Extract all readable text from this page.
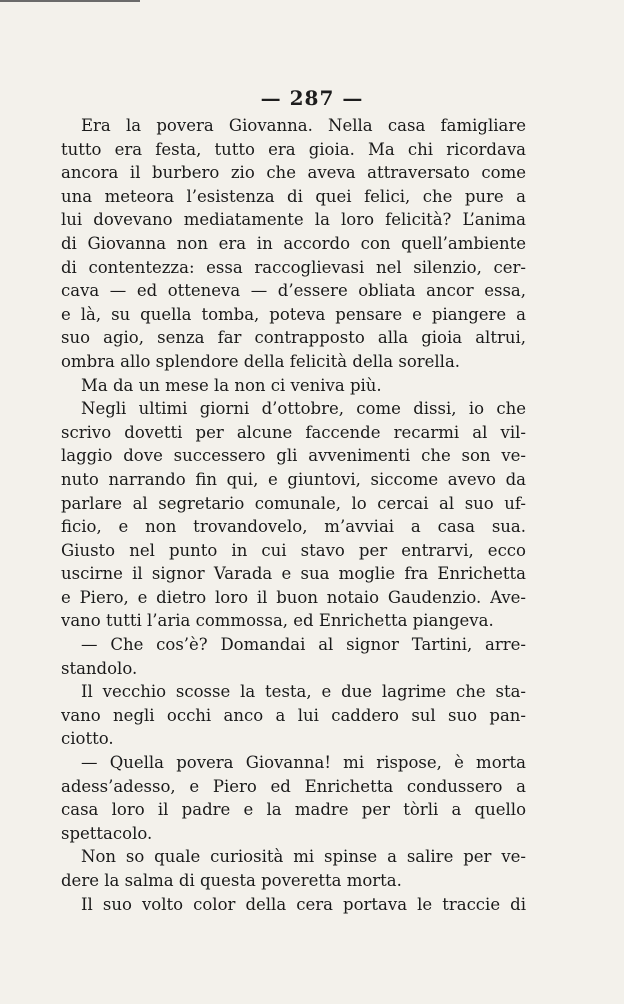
— 287 —
Era la povera Giovanna. Nella casa famigliare
tutto era festa, tutto era gioia. Ma chi ricordava
ancora il burbero zio che aveva attraversato come
una meteora l’esistenza di quei felici, che pure a
lui dovevano mediatamente la loro felicità? L’anima
di Giovanna non era in accordo con quell’ambiente
di contentezza: essa raccoglievasi nel silenzio, cer-
cava — ed otteneva — d’essere obliata ancor essa,
e là, su quella tomba, poteva pensare e piangere a
suo agio, senza far contrapposto alla gioia altrui,
ombra allo splendore della felicità della sorella.
Ma da un mese la non ci veniva più.
Negli ultimi giorni d’ottobre, come dissi, io che
scrivo dovetti per alcune faccende recarmi al vil-
laggio dove successero gli avvenimenti che son ve-
nuto narrando fin qui, e giuntovi, siccome avevo da
parlare al segretario comunale, lo cercai al suo uf-
ficio, e non trovandovelo, m’avviai a casa sua.
Giusto nel punto in cui stavo per entrarvi, ecco
uscirne il signor Varada e sua moglie fra Enrichetta
e Piero, e dietro loro il buon notaio Gaudenzio. Ave-
vano tutti l’aria commossa, ed Enrichetta piangeva.
— Che cos’è? Domandai al signor Tartini, arre-
standolo.
Il vecchio scosse la testa, e due lagrime che sta-
vano negli occhi anco a lui caddero sul suo pan-
ciotto.
— Quella povera Giovanna! mi rispose, è morta
adess’adesso, e Piero ed Enrichetta condussero a
casa loro il padre e la madre per tòrli a quello
spettacolo.
Non so quale curiosità mi spinse a salire per ve-
dere la salma di questa poveretta morta.
Il suo volto color della cera portava le traccie di
